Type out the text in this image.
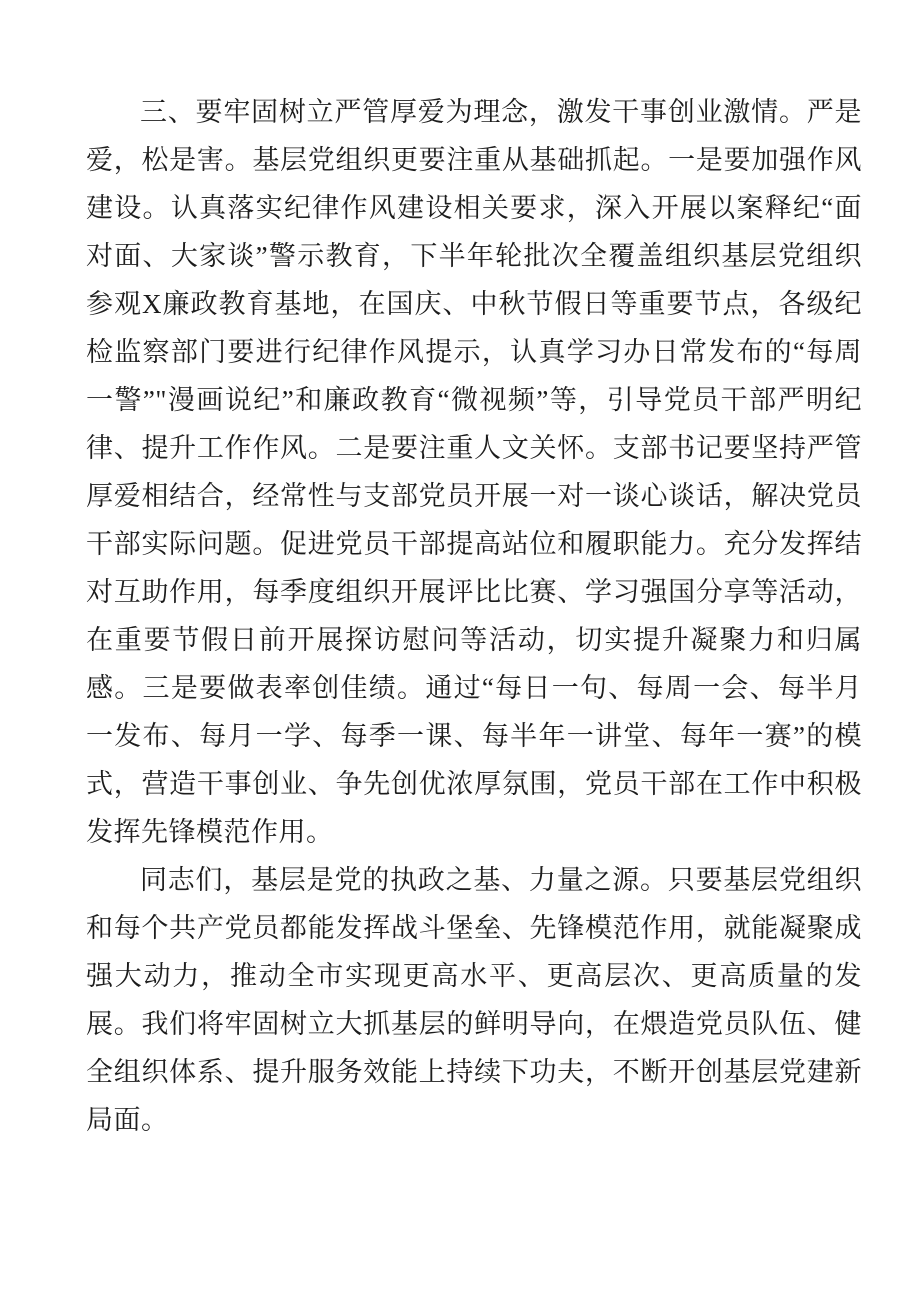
三、要牢固树立严管厚爱为理念，激发干事创业激情。严是爱，松是害。基层党组织更要注重从基础抓起。一是要加强作风建设。认真落实纪律作风建设相关要求，深入开展以案释纪“面对面、大家谈”警示教育，下半年轮批次全覆盖组织基层党组织参观X廉政教育基地，在国庆、中秋节假日等重要节点，各级纪检监察部门要进行纪律作风提示，认真学习办日常发布的“每周一警”"漫画说纪”和廉政教育“微视频”等，引导党员干部严明纪律、提升工作作风。二是要注重人文关怀。支部书记要坚持严管厚爱相结合，经常性与支部党员开展一对一谈心谈话，解决党员干部实际问题。促进党员干部提高站位和履职能力。充分发挥结对互助作用，每季度组织开展评比比赛、学习强国分享等活动，在重要节假日前开展探访慰问等活动，切实提升凝聚力和归属感。三是要做表率创佳绩。通过“每日一句、每周一会、每半月一发布、每月一学、每季一课、每半年一讲堂、每年一赛”的模式，营造干事创业、争先创优浓厚氛围，党员干部在工作中积极发挥先锋模范作用。

同志们，基层是党的执政之基、力量之源。只要基层党组织和每个共产党员都能发挥战斗堡垒、先锋模范作用，就能凝聚成强大动力，推动全市实现更高水平、更高层次、更高质量的发展。我们将牢固树立大抓基层的鲜明导向，在煨造党员队伍、健全组织体系、提升服务效能上持续下功夫，不断开创基层党建新局面。
